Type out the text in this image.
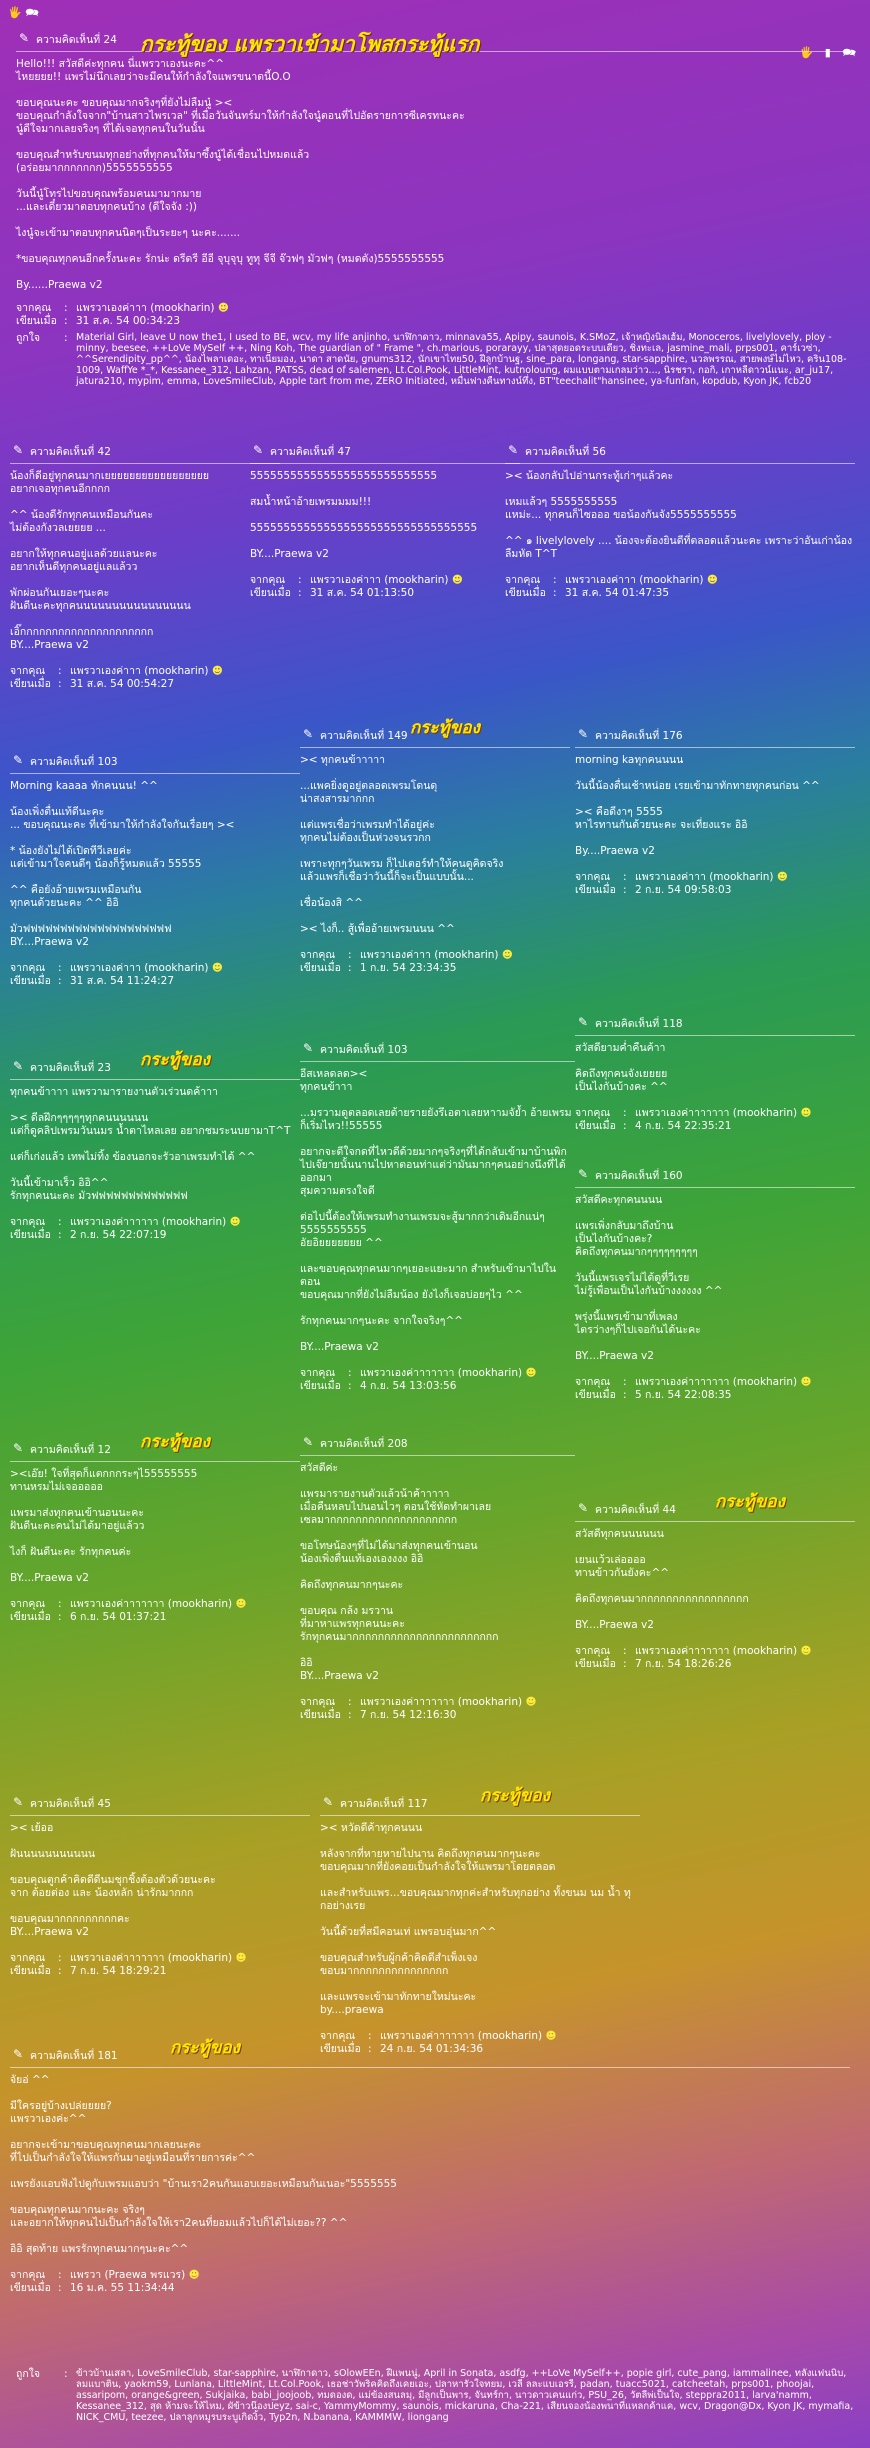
🖐 🗪
🖐 ▮ 🗪
✎ ความคิดเห็นที่ 24

Hello!!! สวัสดีค่ะทุกคน นี่แพรวาเองนะคะ^^
ไหยยยย!! แพรไม่นึกเลยว่าจะมีคนให้กำลังใจแพรขนาดนี้O.O

ขอบคุณนะคะ ขอบคุณมากจริงๆที่ยังไม่ลืมนู๋ ><
ขอบคุณกำลังใจจาก"บ้านสาวไพรเวล" ที่เมื่อวันจันทร์มาให้กำลังใจนู๋ตอนที่ไปอัดรายการซีเครทนะคะ
นู๋ดีใจมากเลยจริงๆ ที่ได้เจอทุกคนในวันนั้น

ขอบคุณสำหรับขนมทุกอย่างที่ทุกคนให้มาซึ้งนู๋ได้เชื่อนไปหมดแล้ว
(อร่อยมากกกกกกก)5555555555

วันนี้นู๋โทรไปขอบคุณพร้อมคนมามากมาย
...และเดี๋ยวมาตอบทุกคนบ้าง (ดีใจจัง :))

ไงนู๋จะเข้ามาตอบทุกคนนิดๆเป็นระยะๆ นะคะ.......

*ขอบคุณทุกคนอีกครั้งนะคะ รักน่ะ ดรีดรี อีอี จุบุจุบุ ทูทุ จีจี จ๊วฟๆ มัวฟๆ (หมดตัง)5555555555

By......Praewa v2

จากคุณ	: แพรวาเองค่าาา (mookharin)
☻
เขียนเมื่อ : 31 ส.ค. 54 00:34:23
ถูกใจ	: Material Girl, leave U now the1, I used to BE, wcv, my life anjinho, นาฬิกาดาว, minnava55, Apipy, saunois, K.SMoZ, เจ้าหญิงนิลเฮ้ม, Monoceros, livelylovely, ploy - minny, beesee, ++LoVe MySelf ++, Ning Koh, The guardian of " Frame ", ch.marious, porarayy, ปลาสุดยอดระบบเดียว, ชิ่งทะเล, jasmine_mali, prps001, คาร์เวซ่า, ^^Serendipity_pp^^, น้องไพลาเดอะ, ทาเนียมอง, นาดา สาดนัย, gnums312, นักเขาไทย50, ฝีลูกบ้านฐ, sine_para, longang, star-sapphire, นวลพรรณ, สายพงษ์ไม่ไหว, คริน108-1009, WaffYe *_*, Kessanee_312, Lahzan, PATSS, dead of salemen, Lt.Col.Pook, LittleMint, kutnoloung, ผมแบบตามเกลมว่าว..., นิรชรา, กอกิ, เกาหลีดาวน์แนะ, ar_ju17, jatura210, mypim, emma, LoveSmileClub, Apple tart from me, ZERO Initiated, หมื่นฟางคืนทางน์ทึ่ง, BT"teechalit"hansinee, ya-funfan, kopdub, Kyon JK, fcb20
กระทู้ของ แพรวาเข้ามาโพสกระทู้แรก
✎ ความคิดเห็นที่ 42

น้องก็ดีอยู่ทุกคนมากเยยยยยยยยยยยยยยยยย
อยากเจอทุกคนอีกกกก

^^ น้องดีรักทุกคนเหมือนกันคะ
ไม่ต้องกังวลเยยยย ...

อยากให้ทุกคนอยู่แลด้วยแลนะคะ
อยากเห็นดีทุกคนอยู่แลแล้วว

พักผ่อนกันเยอะๆนะคะ
ฝันดีนะคะทุกคนนนนนนนนนนนนนนนน

เอิ๊กกกกกกกกกกกกกกกกกกกกก
BY....Praewa v2

จากคุณ	: แพรวาเองค่าาา (mookharin)
☻
เขียนเมื่อ : 31 ส.ค. 54 00:54:27
✎ ความคิดเห็นที่ 47

5555555555555555555555555555

สมน้ำหน้าอ้ายเพรมมมม!!!

5555555555555555555555555555555555

BY....Praewa v2

จากคุณ	: แพรวาเองค่าาา (mookharin)
☻
เขียนเมื่อ : 31 ส.ค. 54 01:13:50
✎ ความคิดเห็นที่ 56

>< น้องกลับไปอ่านกระทู้เก่าๆแล้วคะ

เหมแล้วๆ 5555555555
แหม่ะ... ทุกคนก็ไซอออ ขอน้องกันจัง5555555555

^^ ๑ livelylovely .... น้องจะต้องยินดีที่ตลอดแล้วนะคะ เพราะว่าอันเก่าน้องลืมหัด T^T

จากคุณ	: แพรวาเองค่าาา (mookharin)
☻
เขียนเมื่อ : 31 ส.ค. 54 01:47:35
✎ ความคิดเห็นที่ 103

Morning kaaaa ทักคนนน! ^^

น้องเพิ่งตื่นแท้ดีนะคะ
... ขอบคุณนะคะ ที่เข้ามาให้กำลังใจกันเรื่อยๆ ><

* น้องยังไม่ได้เปิดทีวีเลยค่ะ
แต่เข้ามาใจคนดีๆ น้องก็รู้หมดแล้ว 55555

^^ คือยังอ้ายเพรมเหมือนกัน
ทุกคนด้วยนะคะ ^^ อิอิ

มัวฟฟฟฟฟฟฟฟฟฟฟฟฟฟฟฟฟฟฟฟ
BY....Praewa v2

จากคุณ	: แพรวาเองค่าาา (mookharin)
☻
เขียนเมื่อ : 31 ส.ค. 54 11:24:27
✎ ความคิดเห็นที่ 149 กระทู้ของ

>< ทุกคนข้าาาาา

...แพคยิ่งดูอยู่ตลอดเพรมโดนดุ
น่าสงสารมากกก

แต่แพรเชื่อว่าเพรมทำได้อยู่ค่ะ
ทุกคนไม่ต้องเป็นห่วงจนรวกก

เพราะทุกๆวันเพรม ก็ไปเตอร์ทำให้คนดูคิดจริง
แล้วแพรก็เชื่อว่าวันนี้ก็จะเป็นแบบนั้น...

เชื่อน้องสิ ^^

>< ไงก็.. สู้เพื่ออ้ายเพรมนนน ^^

จากคุณ	: แพรวาเองค่าาา (mookharin)
☻
เขียนเมื่อ : 1 ก.ย. 54 23:34:35
✎ ความคิดเห็นที่ 176

morning kaทุกคนนนน

วันนี้น้องตื่นเช้าหน่อย เรยเข้ามาทักทายทุกคนก่อน ^^

>< คือดีงาๆ 5555
หาไรทานกันด้วยนะคะ จะเที่ยงแระ อิอิ

By....Praewa v2

จากคุณ	: แพรวาเองค่าาา (mookharin)
☻
เขียนเมื่อ : 2 ก.ย. 54 09:58:03
✎ ความคิดเห็นที่ 23 กระทู้ของ

ทุกคนข้าาาา แพรวามารายงานตัวเร่วนดค้าาา

>< ดีลฝึกๆๆๆๆๆทุกคนนนนนน
แต่ก็ดูคลิปเพรมวันนมร น้ำตาไหลเลย อยากชมระนบยามาT^T

แต่ก็เก่งแล้ว เทพไม่ทิ้ง ข้องนอกจะรัวอาเพรมทำได้ ^^

วันนี้เข้ามาเร็ว อิอิ^^
รักทุกคนนะคะ มัวฟฟฟฟฟฟฟฟฟฟฟฟฟ

จากคุณ	: แพรวาเองค่าาาาาา (mookharin)
☻
เขียนเมื่อ : 2 ก.ย. 54 22:07:19
✎ ความคิดเห็นที่ 103

อีสเหลดลด><
ทุกคนข้าาา

...มรวามดูตลอดเลยด้ายรายยังรึเอตาเลยหาามจัย้ำ อ้ายเพรมก็เริ่มไหว!!55555

อยากจะดีใจกดที่ไหวดีด้วยมากๆจริงๆที่ได้กลับเข้ามาบ้านพิกไปเจ๊ยายนั้นนานไปหาตอนท่าแต่ว่ามันมากๆคนอย่างนึงที่ได้ออกมา
สุมความตรงใจดี

ต่อไปนี้ต้องให้เพรมทำงานเพรมจะสู้มากกว่าเดิมอีกแน่ๆ 5555555555
อัยอิยยยยยยย ^^

และขอบคุณทุกคนมากๆเยอะแยะมาก สำหรับเข้ามาไปในตอน
ขอบคุณมากที่ยังไม่ลืมน้อง ยังไงก็เจอบ่อยๆไว ^^

รักทุกคนมากๆนะคะ จากใจจริงๆ^^

BY....Praewa v2

จากคุณ	: แพรวาเองค่าาาาาาา (mookharin)
☻
เขียนเมื่อ : 4 ก.ย. 54 13:03:56
✎ ความคิดเห็นที่ 118

สวัสดียามค่ำคืนค้าา

คิดถึงทุกคนจังเยยยย
เป็นไงกันบ้างคะ ^^

จากคุณ	: แพรวาเองค่าาาาาาา (mookharin)
☻
เขียนเมื่อ : 4 ก.ย. 54 22:35:21
✎ ความคิดเห็นที่ 160

สวัสดีคะทุกคนนนน

แพรเพิ่งกลับมาถึงบ้าน
เป็นไงกันบ้างคะ?
คิดถึงทุกคนมากๆๆๆๆๆๆๆๆๆ

วันนี้แพรเจรไม่ได้ดูที่วีเรย
ไม่รู้เพื่อนเป็นไงกันบ้างงงงงง ^^

พรุ่งนี้แพรเข้ามาที่เพลง
ไตรว่างๆก็ไปเจอกันได้นะคะ

BY....Praewa v2

จากคุณ	: แพรวาเองค่าาาาาาา (mookharin)
☻
เขียนเมื่อ : 5 ก.ย. 54 22:08:35
✎ ความคิดเห็นที่ 12 กระทู้ของ

><เอ๊ย! ใจที่สุดก็แตกกกระๆไ55555555
ทานหรมไม่เจอออออ

แพรมาส่งทุกคนเข้านอนนะคะ
ฝันดีนะคะคนไม่ได้มาอยู่แล้วว

ไงก็ ฝันดีนะคะ รักทุกคนค่ะ

BY....Praewa v2

จากคุณ	: แพรวาเองค่าาาาาาา (mookharin)
☻
เขียนเมื่อ : 6 ก.ย. 54 01:37:21
✎ ความคิดเห็นที่ 208

สวัสดีค่ะ

แพรมารายงานตัวแล้วน้าค้าาาาา
เมื่อคืนหลบไปนอนไวๆ ตอนใช้หัดทำผาเลย
เซลมากกกกกกกกกกกกกกกกกกกก

ขอโทษน้องๆที่ไม่ได้มาส่งทุกคนเข้านอน
น้องเพิ่งตื่นแท้เองเองงงง อิอิ

คิดถึงทุกคนมากๆนะคะ

ขอบคุณ กล้ง มรวาน
ที่มาหาแพรทุกคนนะคะ
รักทุกคนมากกกกกกกกกกกกกกกกกกกกกกก

อิอิ
BY....Praewa v2

จากคุณ	: แพรวาเองค่าาาาาาา (mookharin)
☻
เขียนเมื่อ : 7 ก.ย. 54 12:16:30
✎ ความคิดเห็นที่ 44 กระทู้ของ

สวัสดีทุกคนนนนนน

เยนแว้วเล่ออออ
ทานข้าวกันยังคะ^^

คิดถึงทุกคนมากกกกกกกกกกกกกกกกก

BY....Praewa v2

จากคุณ	: แพรวาเองค่าาาาาาา (mookharin)
☻
เขียนเมื่อ : 7 ก.ย. 54 18:26:26
✎ ความคิดเห็นที่ 45

>< เย้ออ

ฝันนนนนนนนนนน

ขอบคุณตูกค้าคิดดีดีนมชุกชิ้งต้องตัวด้วยนะคะ
จาก ต้อยต่อง และ น้องหลัก น่ารักมากกก

ขอบคุณมากกกกกกกกกคะ
BY....Praewa v2

จากคุณ	: แพรวาเองค่าาาาาาา (mookharin)
☻
เขียนเมื่อ : 7 ก.ย. 54 18:29:21
✎ ความคิดเห็นที่ 117	กระทู้ของ

>< หวัดดีค้าทุกคนนน

หลังจากที่หายหายไปนาน คิดถึงทุกคนมากๆนะคะ
ขอบคุณมากที่ยังคอยเป็นกำลังใจให้แพรมาโดยตลอด

และสำหรับแพร...ขอบคุณมากทุกค่ะสำหรับทุกอย่าง ทั้งขนม นม น้ำ ทุกอย่างเรย

วันนี้ด้วยที่สมีคอนเท่ แพรอบอุ่นมาก^^

ขอบคุณสำหรับผู้กค้าคิดดีสำเพ็งเจง
ขอบมากกกกกกกกกกกกกกก

และแพรจะเข้ามาทักทายใหม่นะคะ
by....praewa

จากคุณ	: แพรวาเองค่าาาาาาา (mookharin)
☻
เขียนเมื่อ : 24 ก.ย. 54 01:34:36
✎ ความคิดเห็นที่ 181	กระทู้ของ

จัยอ่ ^^

มีใครอยู่บ้างเปล่ยยยย?
แพรวาเองค่ะ^^

อยากจะเข้ามาขอบคุณทุกคนมากเลยนะคะ
ที่ไปเป็นกำลังใจให้แพรกันมาอยู่เหมือนที่รายการค่ะ^^

แพรยังแอบฟังไปดูกับเพรมแอบว่า "บ้านเรา2คนกันแอบเยอะเหมือนกันเนอะ"5555555

ขอบคุณทุกคนมากนะคะ จริงๆ
และอยากให้ทุกคนไปเป็นกำลังใจให้เรา2คนที่ยอมแล้วไปก็ได้ไม่เยอะ?? ^^

อิอิ สุดท้าย แพรรักทุกคนมากๆนะคะ^^

จากคุณ	: แพรวา (Praewa พรแวร)
☻
เขียนเมื่อ : 16 ม.ค. 55 11:34:44
ถูกใจ	: ข้าวบ้านเสลา, LoveSmileClub, star-sapphire, นาฬิกาดาว, sOlowEEn, ฝีแพนนู่, April in Sonata, asdfg, ++LoVe MySelf++, popie girl, cute_pang, iammalinee, ทลังแฟนนิบ, ลมแบาติน, yaokm59, Lunlana, LittleMint, Lt.Col.Pook, เธอช่าวัพริคคิดถึงเคยเอะ, ปลาหารัวใจทยม, เวลี ลละแบเอรรี, padan, tuacc5021, catcheetah, prps001, phoojai, assaripom, orange&green, Sukjaika, babi_joojoob, ทมดองด, แม่ข้องสนลมุ, มีลูกเป็นพาร, จันทร์กา, นาวดาวเคนแก่ว, PSU_26, วัตลีพ่เป็นใจ, steppra2011, larva'namm, Kessanee_312, สุด ห้ามจะให้ไหม, ผัข้าวน๊องปeyz, sai-c, YammyMommy, saunois, mickaruna, Cha-221, เสียนจองน้องพนาที่แหลกค้าแค, wcv, Dragon@Dx, Kyon JK, mymafia, NICK_CMU, teezee, ปลาลูกหมูรบระบูเกิดงิ้ว, Typ2n, N.banana, KAMMMW, liongang
